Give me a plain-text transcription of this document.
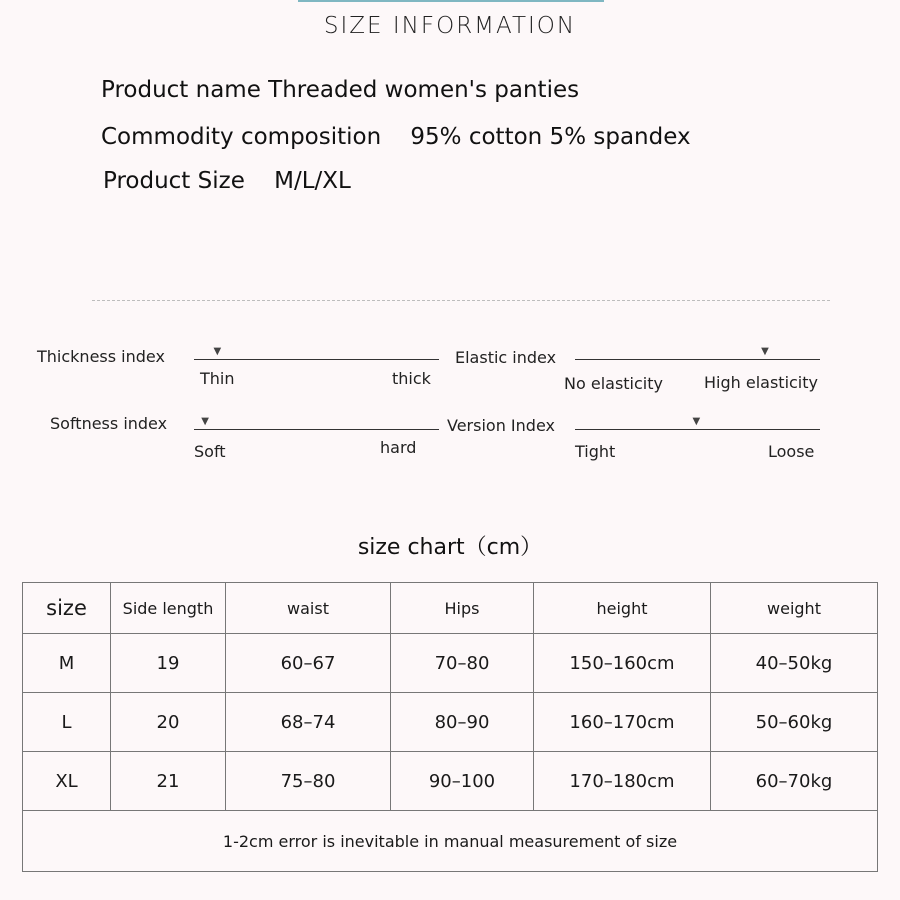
SIZE INFORMATION
Product name Threaded women's panties
Commodity composition    95% cotton 5% spandex
Product Size    M/L/XL
Thickness index	▼
Thin	thick
Elastic index	▼
No elasticity	High elasticity
Softness index	▼
Soft	hard
Version Index	▼
Tight	Loose
size chart（cm）
size	Side length	waist	Hips	height	weight
M	19	60–67	70–80	150–160cm	40–50kg
L	20	68–74	80–90	160–170cm	50–60kg
XL	21	75–80	90–100	170–180cm	60–70kg
1-2cm error is inevitable in manual measurement of size					
